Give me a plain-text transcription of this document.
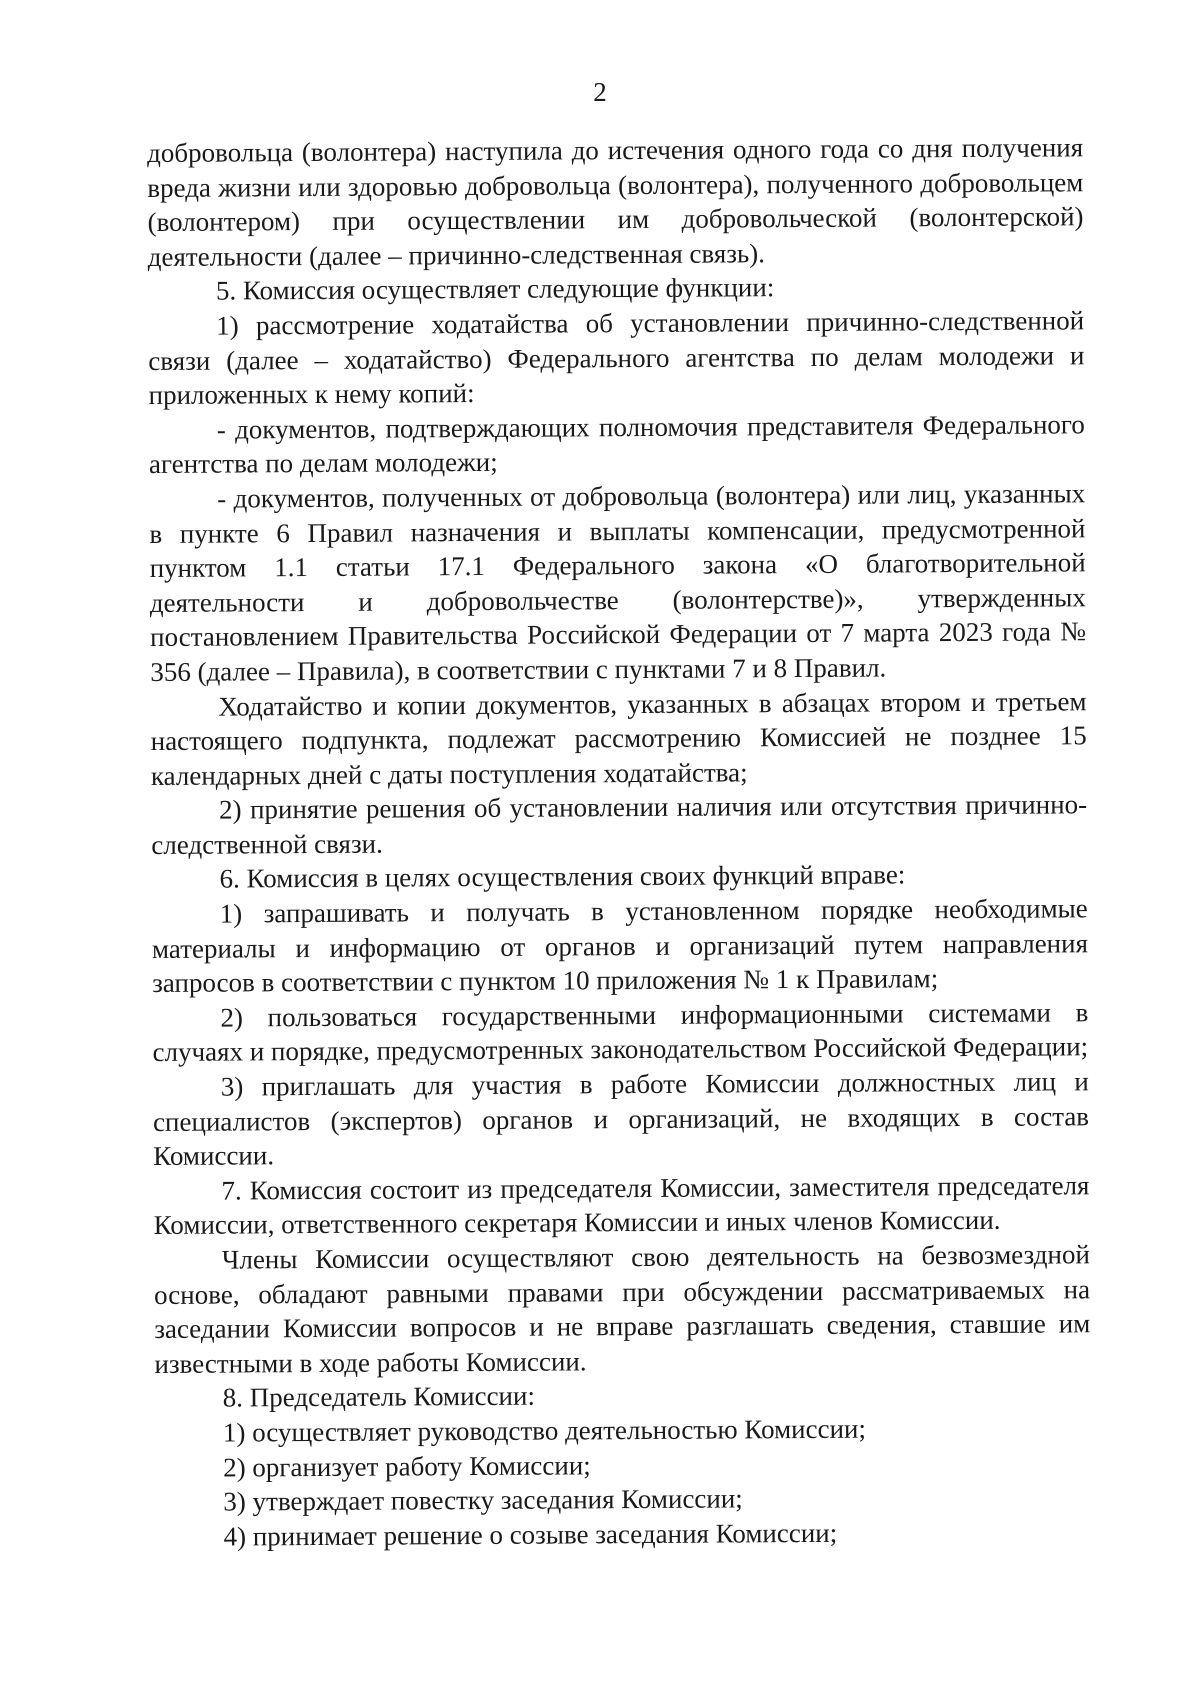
2

добровольца (волонтера) наступила до истечения одного года со дня получения вреда жизни или здоровью добровольца (волонтера), полученного добровольцем (волонтером) при осуществлении им добровольческой (волонтерской) деятельности (далее – причинно-следственная связь).

5. Комиссия осуществляет следующие функции:

1) рассмотрение ходатайства об установлении причинно-следственной связи (далее – ходатайство) Федерального агентства по делам молодежи и приложенных к нему копий:

- документов, подтверждающих полномочия представителя Федерального агентства по делам молодежи;

- документов, полученных от добровольца (волонтера) или лиц, указанных в пункте 6 Правил назначения и выплаты компенсации, предусмотренной пунктом 1.1 статьи 17.1 Федерального закона «О благотворительной деятельности и добровольчестве (волонтерстве)», утвержденных постановлением Правительства Российской Федерации от 7 марта 2023 года № 356 (далее – Правила), в соответствии с пунктами 7 и 8 Правил.

Ходатайство и копии документов, указанных в абзацах втором и третьем настоящего подпункта, подлежат рассмотрению Комиссией не позднее 15 календарных дней с даты поступления ходатайства;

2) принятие решения об установлении наличия или отсутствия причинно-следственной связи.

6. Комиссия в целях осуществления своих функций вправе:

1) запрашивать и получать в установленном порядке необходимые материалы и информацию от органов и организаций путем направления запросов в соответствии с пунктом 10 приложения № 1 к Правилам;

2) пользоваться государственными информационными системами в случаях и порядке, предусмотренных законодательством Российской Федерации;

3) приглашать для участия в работе Комиссии должностных лиц и специалистов (экспертов) органов и организаций, не входящих в состав Комиссии.

7. Комиссия состоит из председателя Комиссии, заместителя председателя Комиссии, ответственного секретаря Комиссии и иных членов Комиссии.

Члены Комиссии осуществляют свою деятельность на безвозмездной основе, обладают равными правами при обсуждении рассматриваемых на заседании Комиссии вопросов и не вправе разглашать сведения, ставшие им известными в ходе работы Комиссии.

8. Председатель Комиссии:

1) осуществляет руководство деятельностью Комиссии;

2) организует работу Комиссии;

3) утверждает повестку заседания Комиссии;

4) принимает решение о созыве заседания Комиссии;
